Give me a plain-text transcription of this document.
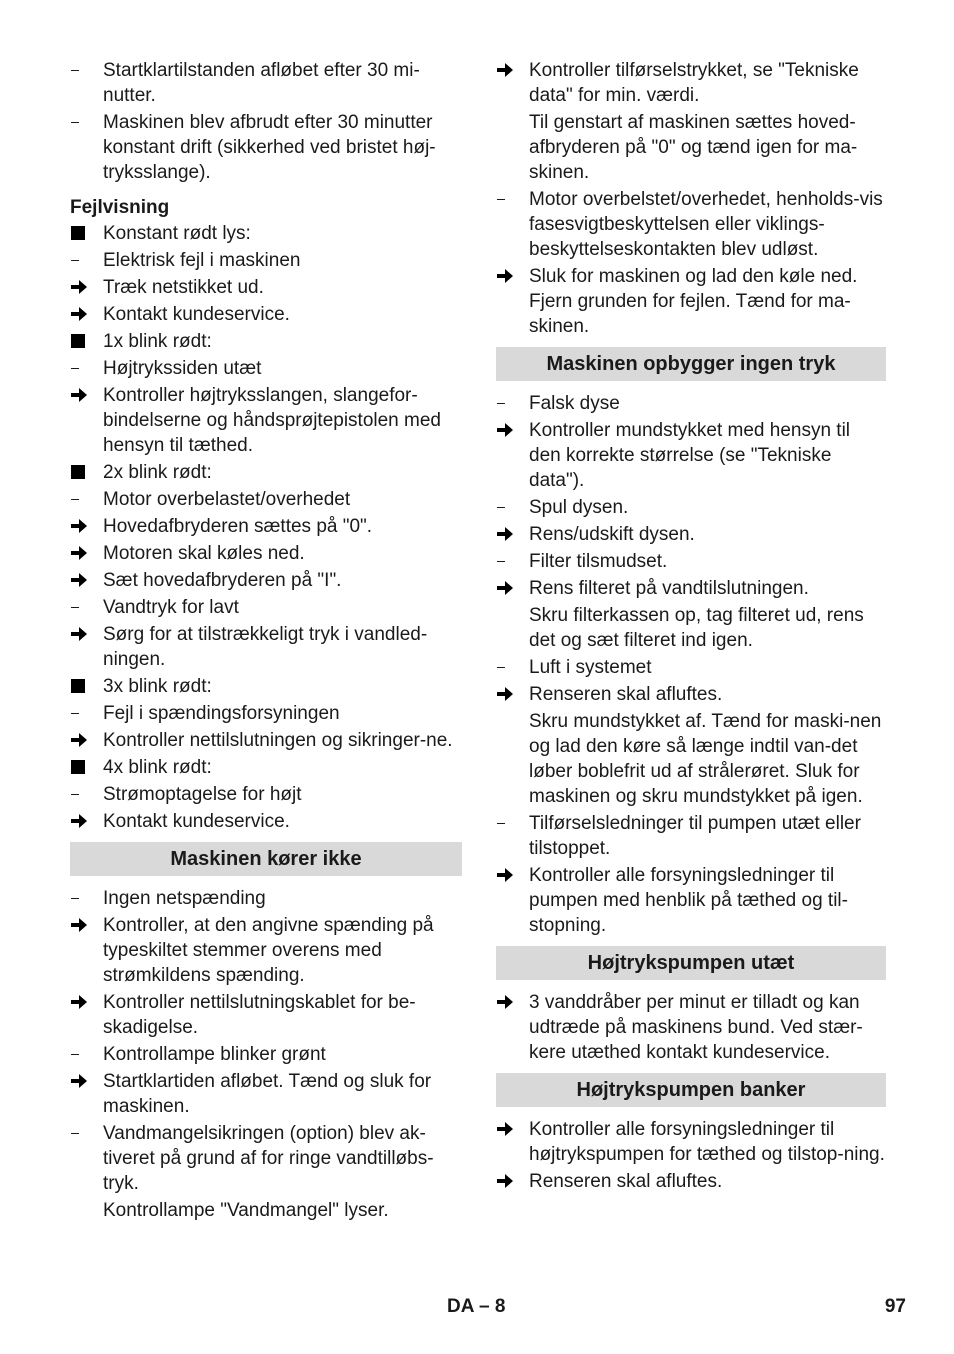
Startklartilstanden afløbet efter 30 mi- nutter.
Maskinen blev afbrudt efter 30 minutter konstant drift (sikkerhed ved bristet høj-tryksslange).
Fejlvisning
Konstant rødt lys:
Elektrisk fejl i maskinen
Træk netstikket ud.
Kontakt kundeservice.
1x blink rødt:
Højtrykssiden utæt
Kontroller højtryksslangen, slangefor-bindelserne og håndsprøjtepistolen med hensyn til tæthed.
2x blink rødt:
Motor overbelastet/overhedet
Hovedafbryderen sættes på "0".
Motoren skal køles ned.
Sæt hovedafbryderen på "I".
Vandtryk for lavt
Sørg for at tilstrækkeligt tryk i vandled-ningen.
3x blink rødt:
Fejl i spændingsforsyningen
Kontroller nettilslutningen og sikringer-ne.
4x blink rødt:
Strømoptagelse for højt
Kontakt kundeservice.
Maskinen kører ikke
Ingen netspænding
Kontroller, at den angivne spænding på typeskiltet stemmer overens med strømkildens spænding.
Kontroller nettilslutningskablet for be-skadigelse.
Kontrollampe blinker grønt
Startklartiden afløbet. Tænd og sluk for maskinen.
Vandmangelsikringen (option) blev ak-tiveret på grund af for ringe vandtilløbs-tryk.
Kontrollampe "Vandmangel" lyser.
Kontroller tilførselstrykket, se "Tekniske data" for min. værdi.
Til genstart af maskinen sættes hoved-afbryderen på "0" og tænd igen for ma-skinen.
Motor overbelstet/overhedet, henholds-vis fasesvigtbeskyttelsen eller viklings-beskyttelseskontakten blev udløst.
Sluk for maskinen og lad den køle ned. Fjern grunden for fejlen. Tænd for ma-skinen.
Maskinen opbygger ingen tryk
Falsk dyse
Kontroller mundstykket med hensyn til den korrekte størrelse (se "Tekniske data").
Spul dysen.
Rens/udskift dysen.
Filter tilsmudset.
Rens filteret på vandtilslutningen.
Skru filterkassen op, tag filteret ud, rens det og sæt filteret ind igen.
Luft i systemet
Renseren skal afluftes.
Skru mundstykket af. Tænd for maski-nen og lad den køre så længe indtil van-det løber boblefrit ud af strålerøret. Sluk for maskinen og skru mundstykket på igen.
Tilførselsledninger til pumpen utæt eller tilstoppet.
Kontroller alle forsyningsledninger til pumpen med henblik på tæthed og til-stopning.
Højtrykspumpen utæt
3 vanddråber per minut er tilladt og kan udtræde på maskinens bund. Ved stær-kere utæthed kontakt kundeservice.
Højtrykspumpen banker
Kontroller alle forsyningsledninger til højtrykspumpen for tæthed og tilstop-ning.
Renseren skal afluftes.
DA – 8	97
